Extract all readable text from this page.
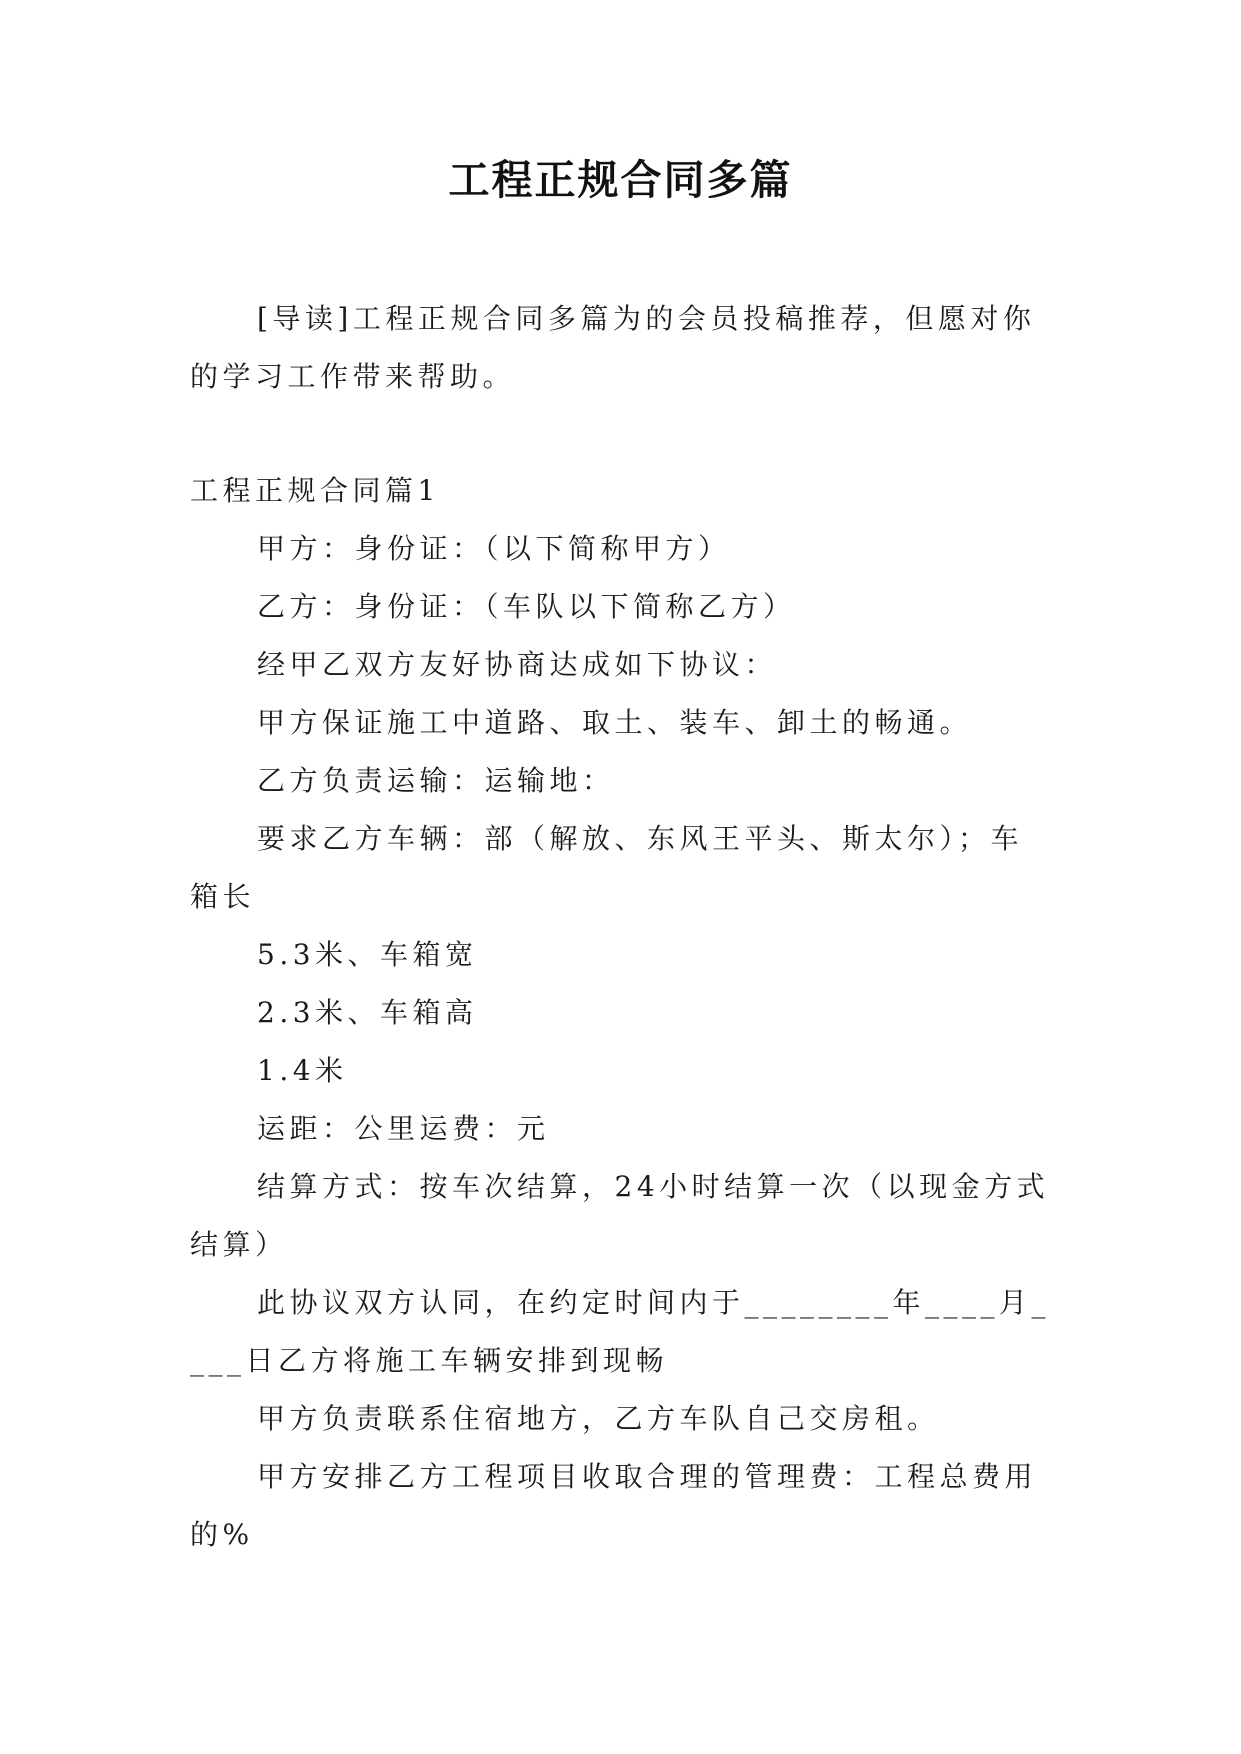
工程正规合同多篇

[导读]工程正规合同多篇为的会员投稿推荐，但愿对你的学习工作带来帮助。

工程正规合同篇1

甲方：身份证：（以下简称甲方）

乙方：身份证：（车队以下简称乙方）

经甲乙双方友好协商达成如下协议：

甲方保证施工中道路、取土、装车、卸土的畅通。

乙方负责运输：运输地：

要求乙方车辆：部（解放、东风王平头、斯太尔）；车箱长

5.3米、车箱宽

2.3米、车箱高

1.4米

运距：公里运费：元

结算方式：按车次结算，24小时结算一次（以现金方式结算）

此协议双方认同，在约定时间内于________年____月____日乙方将施工车辆安排到现畅

甲方负责联系住宿地方，乙方车队自己交房租。

甲方安排乙方工程项目收取合理的管理费：工程总费用的%
